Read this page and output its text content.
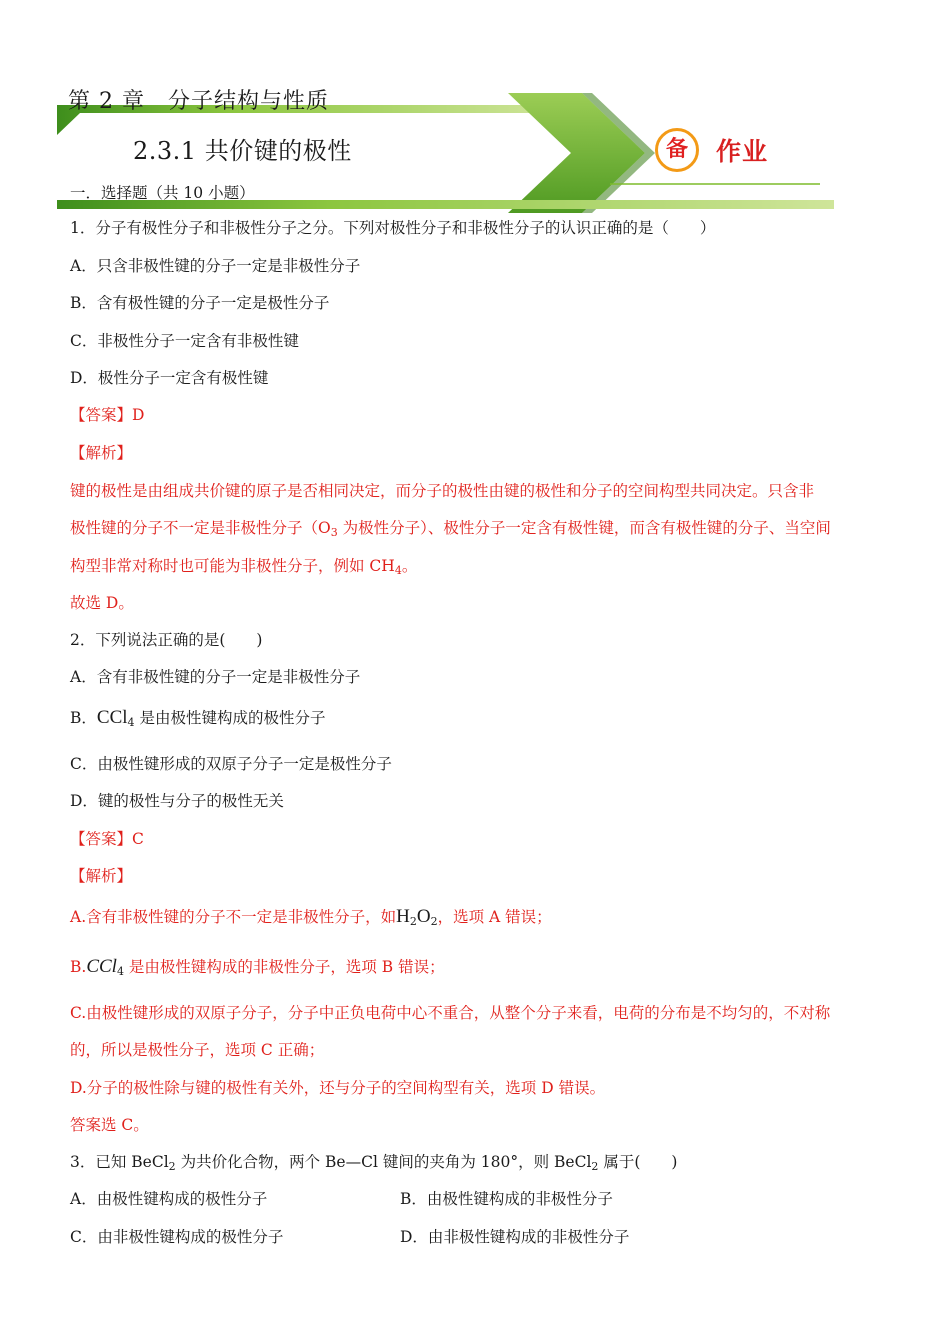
第 2 章　分子结构与性质
2.3.1 共价键的极性	备	作业
一．选择题（共 10 小题）
1．分子有极性分子和非极性分子之分。下列对极性分子和非极性分子的认识正确的是（　　）
A．只含非极性键的分子一定是非极性分子
B．含有极性键的分子一定是极性分子
C．非极性分子一定含有非极性键
D．极性分子一定含有极性键
【答案】D
【解析】
键的极性是由组成共价键的原子是否相同决定，而分子的极性由键的极性和分子的空间构型共同决定。只含非
极性键的分子不一定是非极性分子（$O_3$ 为极性分子）、极性分子一定含有极性键，而含有极性键的分子、当空间
构型非常对称时也可能为非极性分子，例如 $CH_4$。
故选 D。
2．下列说法正确的是(　　)
A．含有非极性键的分子一定是非极性分子
B．CCl$_4$ 是由极性键构成的极性分子
C．由极性键形成的双原子分子一定是极性分子
D．键的极性与分子的极性无关
【答案】C
【解析】
A.含有非极性键的分子不一定是非极性分子，如$H_2O_2$，选项 A 错误；
B.CCl$_4$ 是由极性键构成的非极性分子，选项 B 错误；
C.由极性键形成的双原子分子，分子中正负电荷中心不重合，从整个分子来看，电荷的分布是不均匀的，不对称
的，所以是极性分子，选项 C 正确；
D.分子的极性除与键的极性有关外，还与分子的空间构型有关，选项 D 错误。
答案选 C。
3．已知 BeCl$_2$ 为共价化合物，两个 Be—Cl 键间的夹角为 180°，则 BeCl$_2$ 属于(　　)
A．由极性键构成的极性分子	B．由极性键构成的非极性分子
C．由非极性键构成的极性分子	D．由非极性键构成的非极性分子
